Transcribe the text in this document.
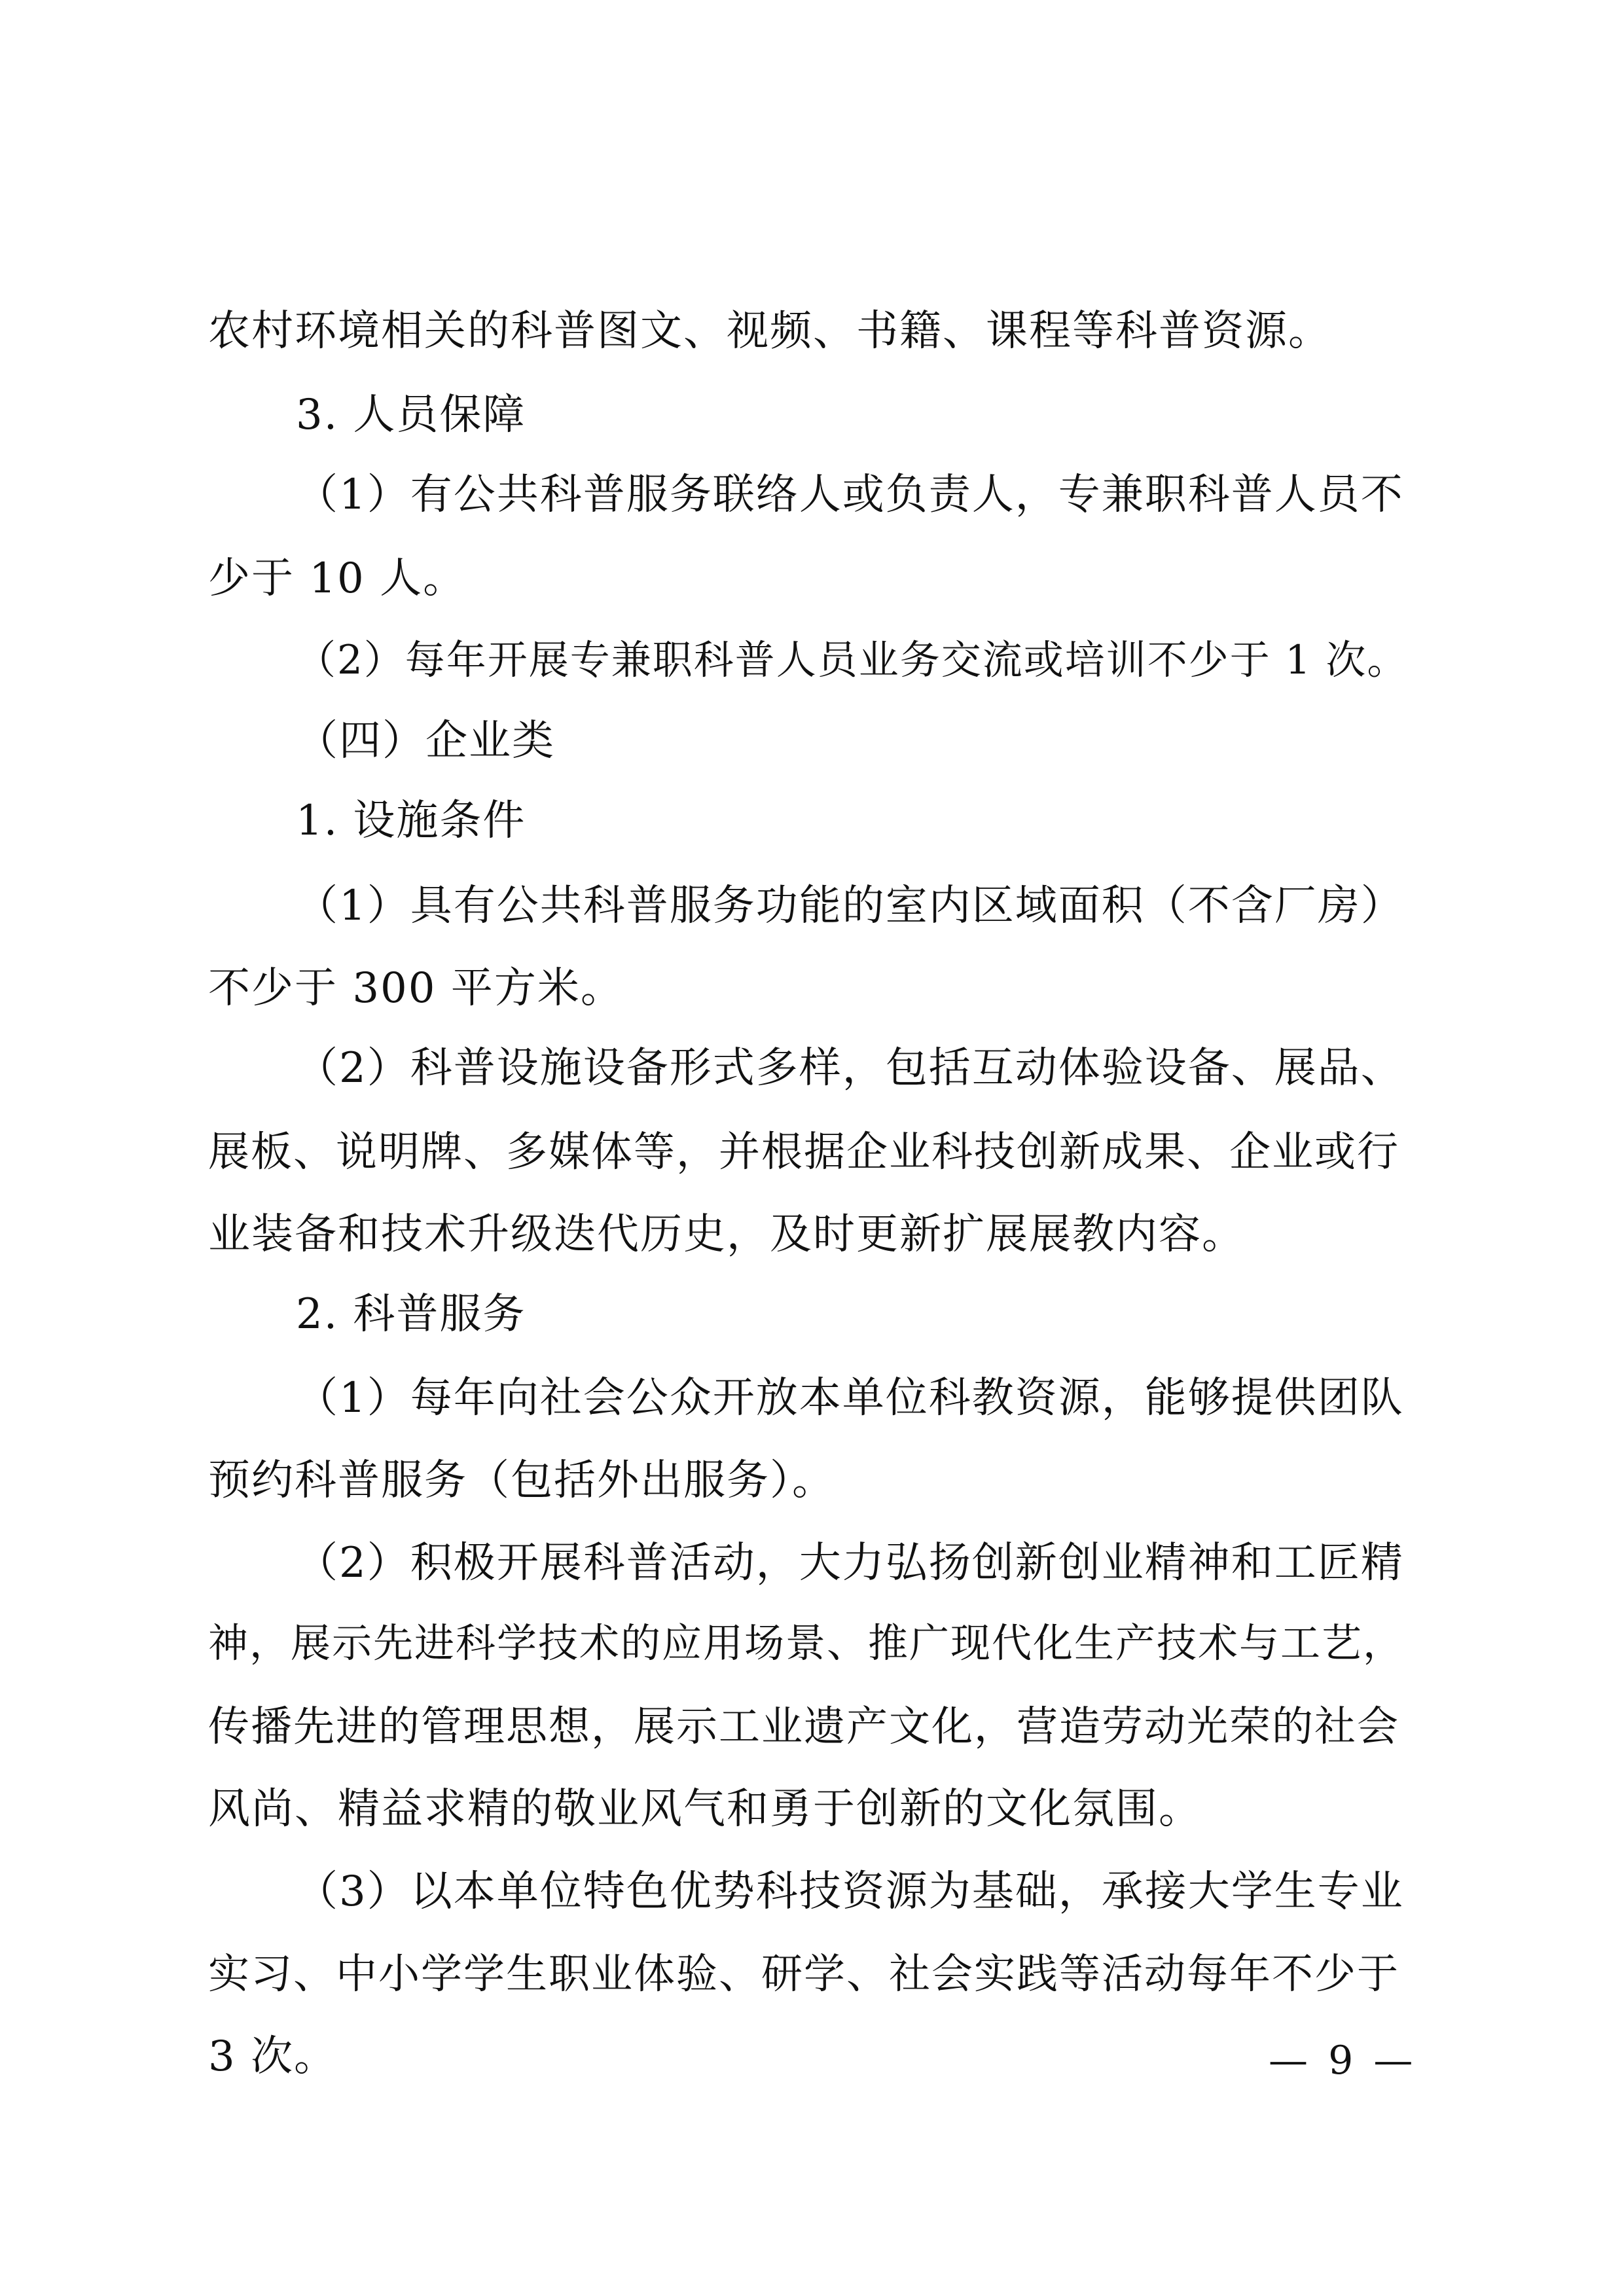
农村环境相关的科普图文、视频、书籍、课程等科普资源。
3. 人员保障
（1）有公共科普服务联络人或负责人，专兼职科普人员不
少于 10 人。
（2）每年开展专兼职科普人员业务交流或培训不少于 1 次。
（四）企业类
1. 设施条件
（1）具有公共科普服务功能的室内区域面积（不含厂房）
不少于 300 平方米。
（2）科普设施设备形式多样，包括互动体验设备、展品、
展板、说明牌、多媒体等，并根据企业科技创新成果、企业或行
业装备和技术升级迭代历史，及时更新扩展展教内容。
2. 科普服务
（1）每年向社会公众开放本单位科教资源，能够提供团队
预约科普服务（包括外出服务）。
（2）积极开展科普活动，大力弘扬创新创业精神和工匠精
神，展示先进科学技术的应用场景、推广现代化生产技术与工艺，
传播先进的管理思想，展示工业遗产文化，营造劳动光荣的社会
风尚、精益求精的敬业风气和勇于创新的文化氛围。
（3）以本单位特色优势科技资源为基础，承接大学生专业
实习、中小学学生职业体验、研学、社会实践等活动每年不少于
3 次。	— 9 —
